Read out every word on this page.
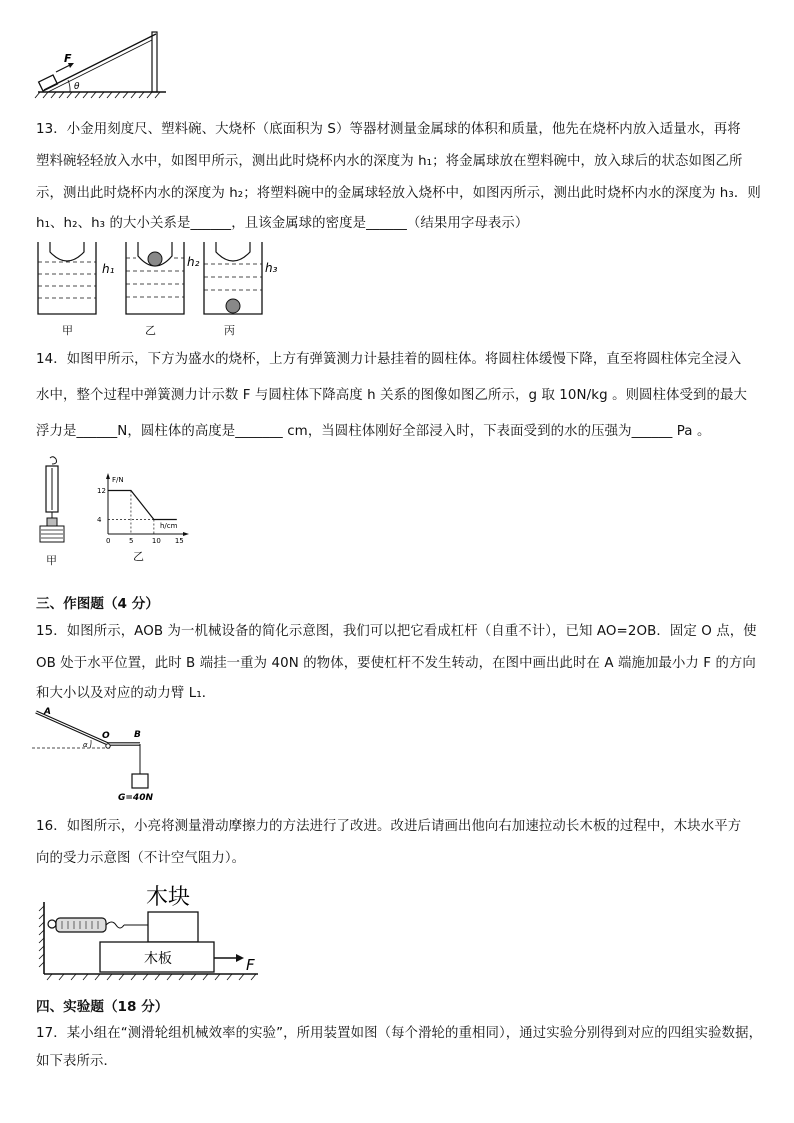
F
θ
13．小金用刻度尺、塑料碗、大烧杯（底面积为 S）等器材测量金属球的体积和质量，他先在烧杯内放入适量水，再将
塑料碗轻轻放入水中，如图甲所示，测出此时烧杯内水的深度为 h₁；将金属球放在塑料碗中，放入球后的状态如图乙所
示，测出此时烧杯内水的深度为 h₂；将塑料碗中的金属球轻放入烧杯中，如图丙所示，测出此时烧杯内水的深度为 h₃．则
h₁、h₂、h₃ 的大小关系是______，且该金属球的密度是______（结果用字母表示）
h₁	h₂	h₃
甲	乙	丙
14．如图甲所示，下方为盛水的烧杯，上方有弹簧测力计悬挂着的圆柱体。将圆柱体缓慢下降，直至将圆柱体完全浸入
水中，整个过程中弹簧测力计示数 F 与圆柱体下降高度 h 关系的图像如图乙所示，g 取 10N/kg 。则圆柱体受到的最大
浮力是______N，圆柱体的高度是_______ cm，当圆柱体刚好全部浸入时，下表面受到的水的压强为______ Pa 。
甲
F/N
h/cm
0	5	10 15
4
12
乙
三、作图题（4 分）
15．如图所示，AOB 为一机械设备的简化示意图，我们可以把它看成杠杆（自重不计），已知 AO=2OB．固定 O 点，使
OB 处于水平位置，此时 B 端挂一重为 40N 的物体，要使杠杆不发生转动，在图中画出此时在 A 端施加最小力 F 的方向
和大小以及对应的动力臂 L₁．
α
A
O	B
G=40N
16．如图所示，小亮将测量滑动摩擦力的方法进行了改进。改进后请画出他向右加速拉动长木板的过程中，木块水平方
向的受力示意图（不计空气阻力）。
木块
木板	F
四、实验题（18 分）
17．某小组在“测滑轮组机械效率的实验”，所用装置如图（每个滑轮的重相同），通过实验分别得到对应的四组实验数据，
如下表所示．
